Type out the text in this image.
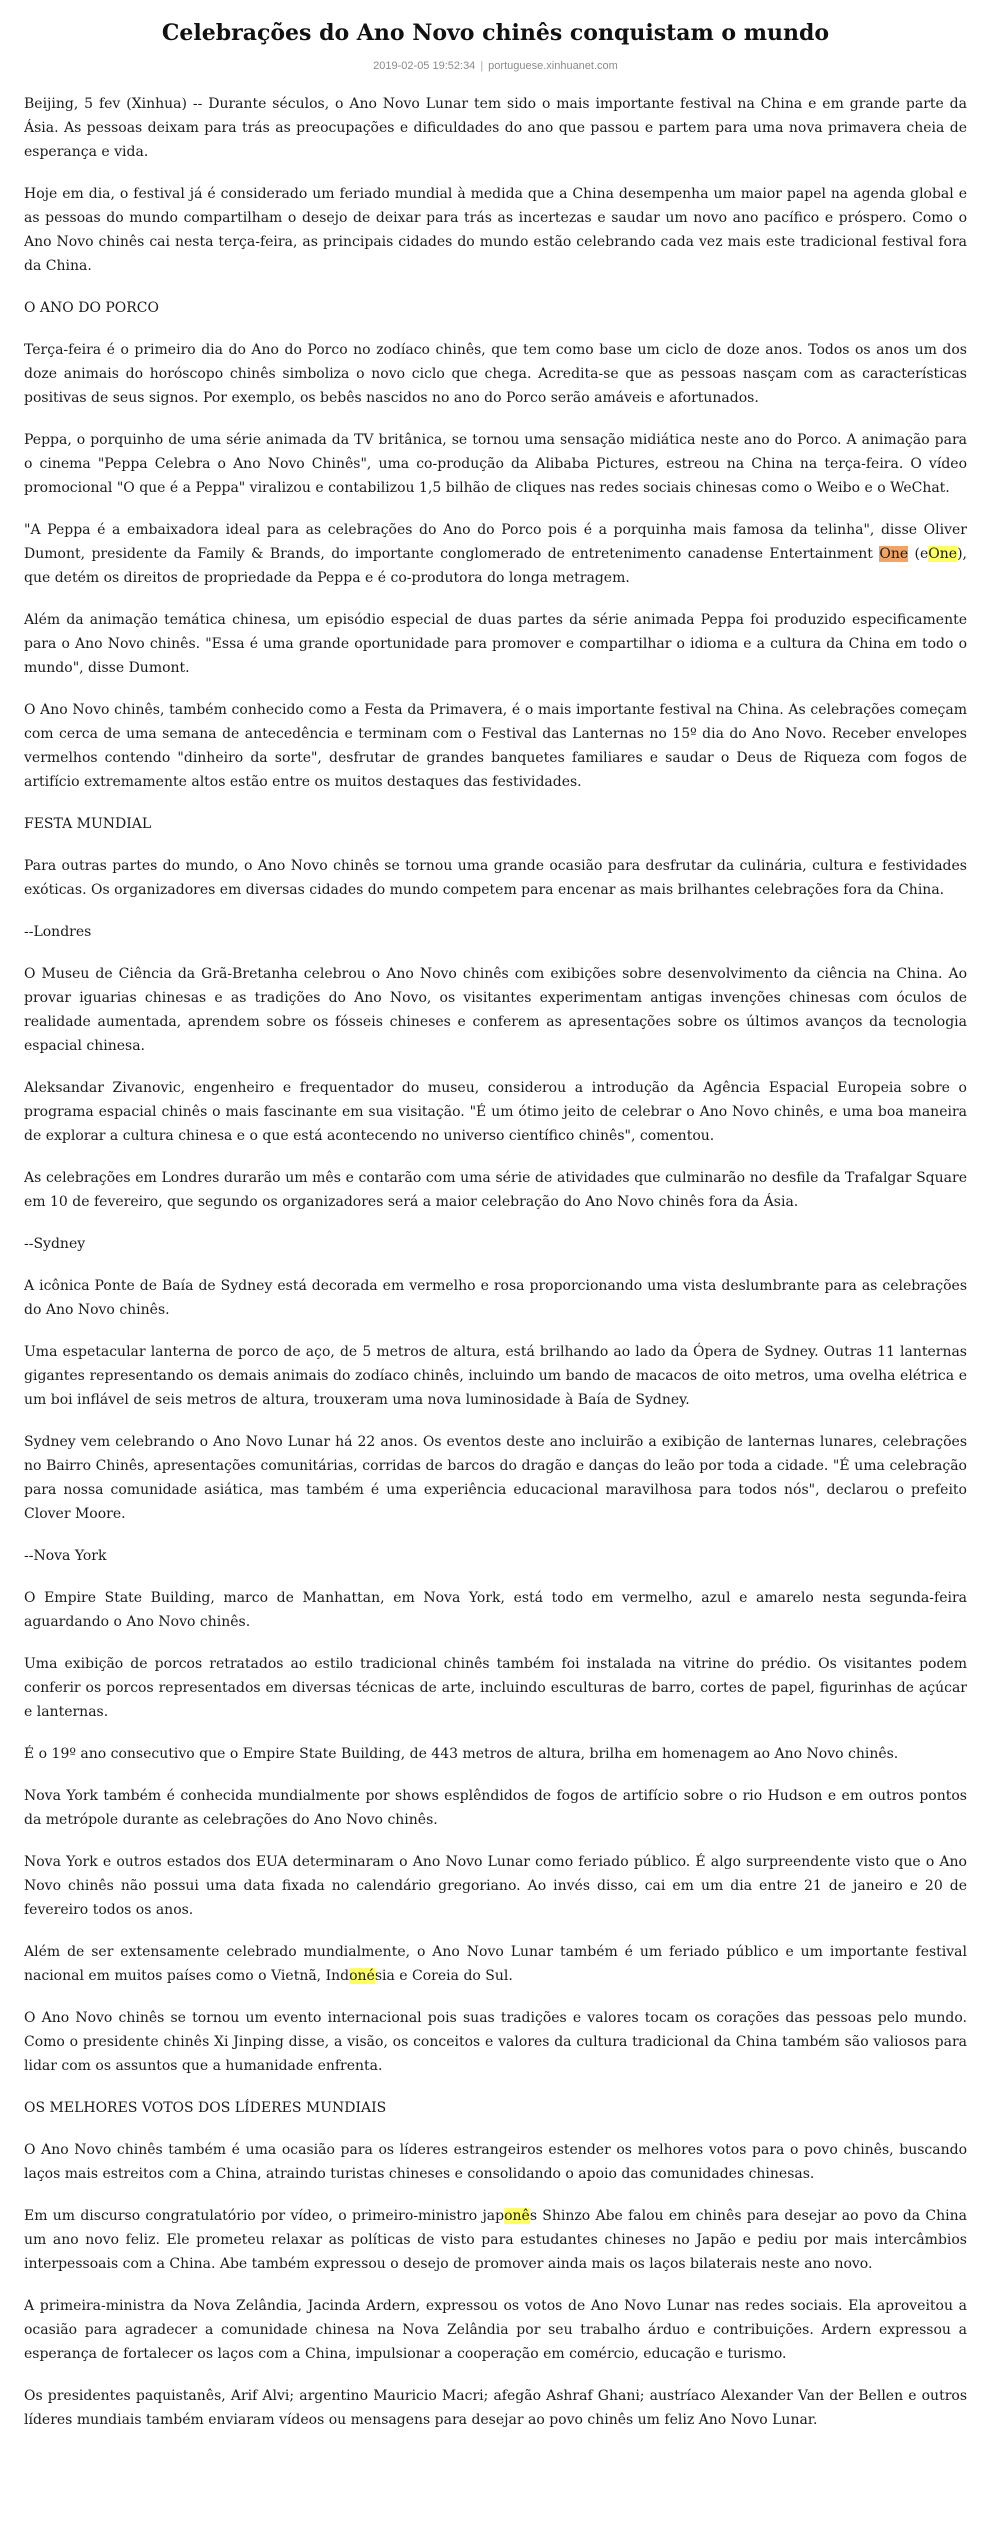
Celebrações do Ano Novo chinês conquistam o mundo
2019-02-05 19:52:34 | portuguese.xinhuanet.com

Beijing, 5 fev (Xinhua) -- Durante séculos, o Ano Novo Lunar tem sido o mais importante festival na China e em grande parte da Ásia. As pessoas deixam para trás as preocupações e dificuldades do ano que passou e partem para uma nova primavera cheia de esperança e vida.

Hoje em dia, o festival já é considerado um feriado mundial à medida que a China desempenha um maior papel na agenda global e as pessoas do mundo compartilham o desejo de deixar para trás as incertezas e saudar um novo ano pacífico e próspero. Como o Ano Novo chinês cai nesta terça-feira, as principais cidades do mundo estão celebrando cada vez mais este tradicional festival fora da China.

O ANO DO PORCO

Terça-feira é o primeiro dia do Ano do Porco no zodíaco chinês, que tem como base um ciclo de doze anos. Todos os anos um dos doze animais do horóscopo chinês simboliza o novo ciclo que chega. Acredita-se que as pessoas nasçam com as características positivas de seus signos. Por exemplo, os bebês nascidos no ano do Porco serão amáveis e afortunados.

Peppa, o porquinho de uma série animada da TV britânica, se tornou uma sensação midiática neste ano do Porco. A animação para o cinema "Peppa Celebra o Ano Novo Chinês", uma co-produção da Alibaba Pictures, estreou na China na terça-feira. O vídeo promocional "O que é a Peppa" viralizou e contabilizou 1,5 bilhão de cliques nas redes sociais chinesas como o Weibo e o WeChat.

"A Peppa é a embaixadora ideal para as celebrações do Ano do Porco pois é a porquinha mais famosa da telinha", disse Oliver Dumont, presidente da Family & Brands, do importante conglomerado de entretenimento canadense Entertainment One (eOne), que detém os direitos de propriedade da Peppa e é co-produtora do longa metragem.

Além da animação temática chinesa, um episódio especial de duas partes da série animada Peppa foi produzido especificamente para o Ano Novo chinês. "Essa é uma grande oportunidade para promover e compartilhar o idioma e a cultura da China em todo o mundo", disse Dumont.

O Ano Novo chinês, também conhecido como a Festa da Primavera, é o mais importante festival na China. As celebrações começam com cerca de uma semana de antecedência e terminam com o Festival das Lanternas no 15º dia do Ano Novo. Receber envelopes vermelhos contendo "dinheiro da sorte", desfrutar de grandes banquetes familiares e saudar o Deus de Riqueza com fogos de artifício extremamente altos estão entre os muitos destaques das festividades.

FESTA MUNDIAL

Para outras partes do mundo, o Ano Novo chinês se tornou uma grande ocasião para desfrutar da culinária, cultura e festividades exóticas. Os organizadores em diversas cidades do mundo competem para encenar as mais brilhantes celebrações fora da China.

--Londres

O Museu de Ciência da Grã-Bretanha celebrou o Ano Novo chinês com exibições sobre desenvolvimento da ciência na China. Ao provar iguarias chinesas e as tradições do Ano Novo, os visitantes experimentam antigas invenções chinesas com óculos de realidade aumentada, aprendem sobre os fósseis chineses e conferem as apresentações sobre os últimos avanços da tecnologia espacial chinesa.

Aleksandar Zivanovic, engenheiro e frequentador do museu, considerou a introdução da Agência Espacial Europeia sobre o programa espacial chinês o mais fascinante em sua visitação. "É um ótimo jeito de celebrar o Ano Novo chinês, e uma boa maneira de explorar a cultura chinesa e o que está acontecendo no universo científico chinês", comentou.

As celebrações em Londres durarão um mês e contarão com uma série de atividades que culminarão no desfile da Trafalgar Square em 10 de fevereiro, que segundo os organizadores será a maior celebração do Ano Novo chinês fora da Ásia.

--Sydney

A icônica Ponte de Baía de Sydney está decorada em vermelho e rosa proporcionando uma vista deslumbrante para as celebrações do Ano Novo chinês.

Uma espetacular lanterna de porco de aço, de 5 metros de altura, está brilhando ao lado da Ópera de Sydney. Outras 11 lanternas gigantes representando os demais animais do zodíaco chinês, incluindo um bando de macacos de oito metros, uma ovelha elétrica e um boi inflável de seis metros de altura, trouxeram uma nova luminosidade à Baía de Sydney.

Sydney vem celebrando o Ano Novo Lunar há 22 anos. Os eventos deste ano incluirão a exibição de lanternas lunares, celebrações no Bairro Chinês, apresentações comunitárias, corridas de barcos do dragão e danças do leão por toda a cidade. "É uma celebração para nossa comunidade asiática, mas também é uma experiência educacional maravilhosa para todos nós", declarou o prefeito Clover Moore.

--Nova York

O Empire State Building, marco de Manhattan, em Nova York, está todo em vermelho, azul e amarelo nesta segunda-feira aguardando o Ano Novo chinês.

Uma exibição de porcos retratados ao estilo tradicional chinês também foi instalada na vitrine do prédio. Os visitantes podem conferir os porcos representados em diversas técnicas de arte, incluindo esculturas de barro, cortes de papel, figurinhas de açúcar e lanternas.

É o 19º ano consecutivo que o Empire State Building, de 443 metros de altura, brilha em homenagem ao Ano Novo chinês.

Nova York também é conhecida mundialmente por shows esplêndidos de fogos de artifício sobre o rio Hudson e em outros pontos da metrópole durante as celebrações do Ano Novo chinês.

Nova York e outros estados dos EUA determinaram o Ano Novo Lunar como feriado público. É algo surpreendente visto que o Ano Novo chinês não possui uma data fixada no calendário gregoriano. Ao invés disso, cai em um dia entre 21 de janeiro e 20 de fevereiro todos os anos.

Além de ser extensamente celebrado mundialmente, o Ano Novo Lunar também é um feriado público e um importante festival nacional em muitos países como o Vietnã, Indonésia e Coreia do Sul.

O Ano Novo chinês se tornou um evento internacional pois suas tradições e valores tocam os corações das pessoas pelo mundo. Como o presidente chinês Xi Jinping disse, a visão, os conceitos e valores da cultura tradicional da China também são valiosos para lidar com os assuntos que a humanidade enfrenta.

OS MELHORES VOTOS DOS LÍDERES MUNDIAIS

O Ano Novo chinês também é uma ocasião para os líderes estrangeiros estender os melhores votos para o povo chinês, buscando laços mais estreitos com a China, atraindo turistas chineses e consolidando o apoio das comunidades chinesas.

Em um discurso congratulatório por vídeo, o primeiro-ministro japonês Shinzo Abe falou em chinês para desejar ao povo da China um ano novo feliz. Ele prometeu relaxar as políticas de visto para estudantes chineses no Japão e pediu por mais intercâmbios interpessoais com a China. Abe também expressou o desejo de promover ainda mais os laços bilaterais neste ano novo.

A primeira-ministra da Nova Zelândia, Jacinda Ardern, expressou os votos de Ano Novo Lunar nas redes sociais. Ela aproveitou a ocasião para agradecer a comunidade chinesa na Nova Zelândia por seu trabalho árduo e contribuições. Ardern expressou a esperança de fortalecer os laços com a China, impulsionar a cooperação em comércio, educação e turismo.

Os presidentes paquistanês, Arif Alvi; argentino Mauricio Macri; afegão Ashraf Ghani; austríaco Alexander Van der Bellen e outros líderes mundiais também enviaram vídeos ou mensagens para desejar ao povo chinês um feliz Ano Novo Lunar.
